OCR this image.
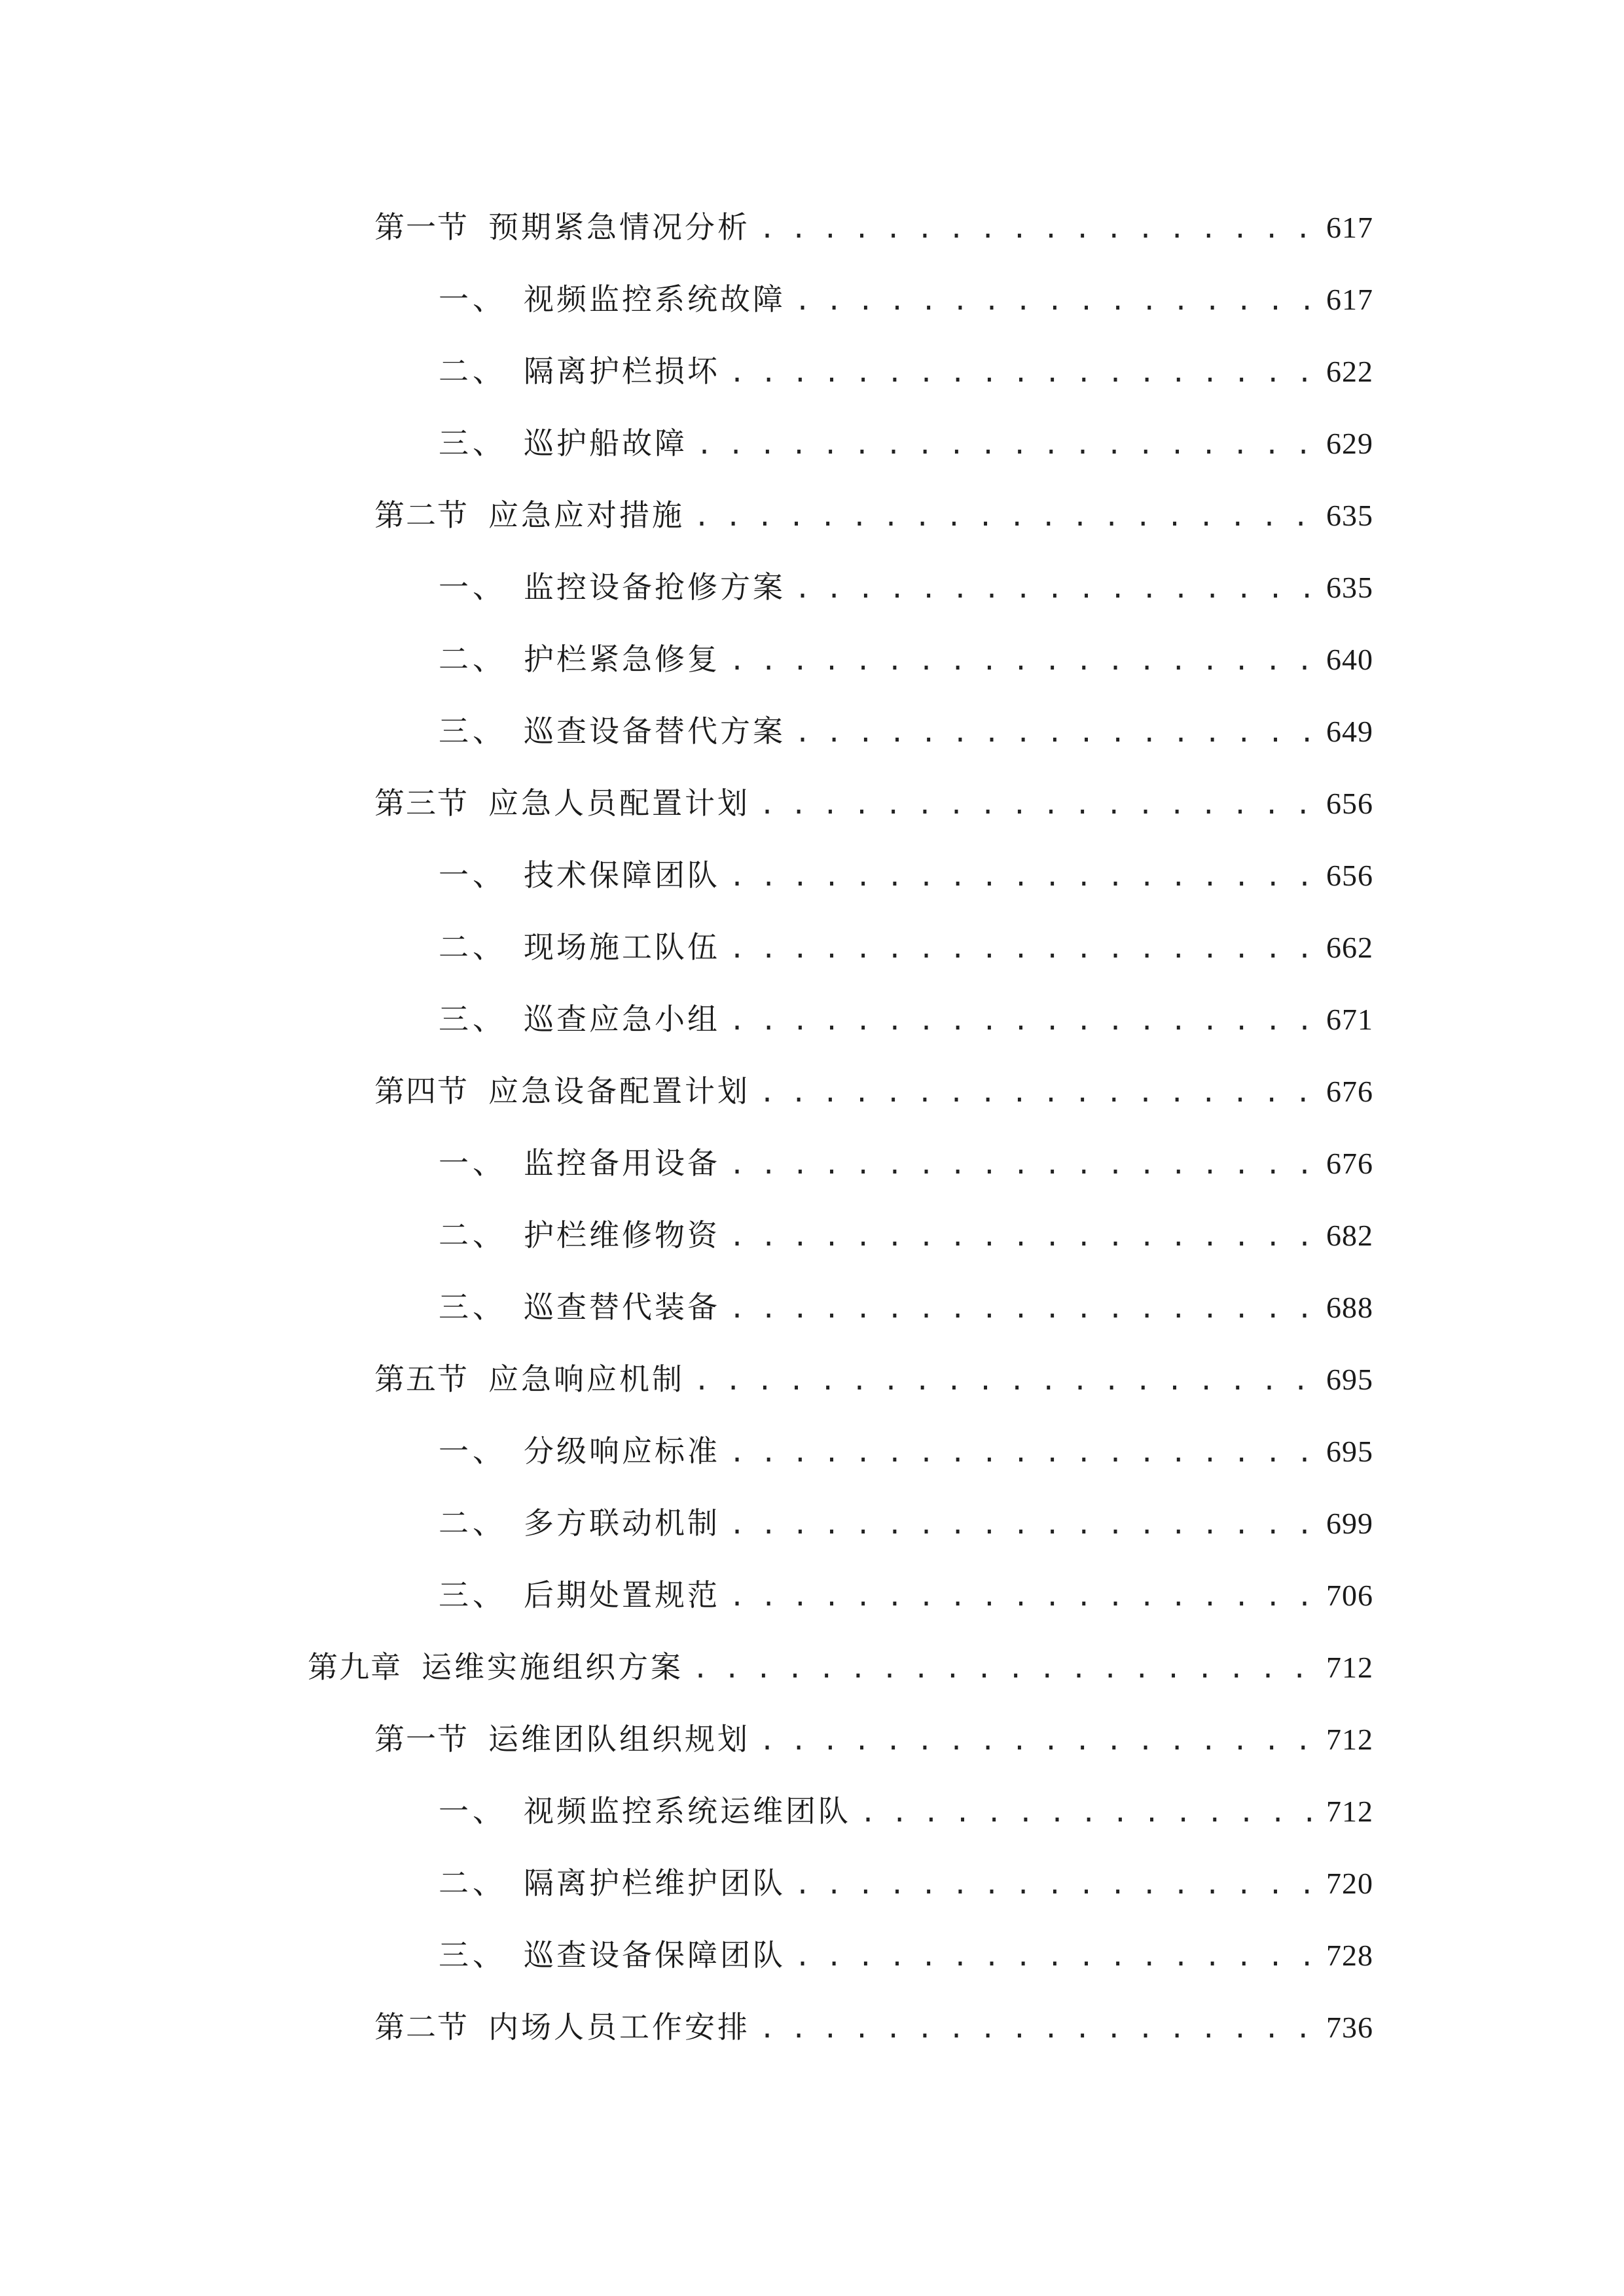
第一节 预期紧急情况分析 . . .	617
一、 视频监控系统故障 . . .	617
二、 隔离护栏损坏 . . .	622
三、 巡护船故障 . . .	629
第二节 应急应对措施 . . .	635
一、 监控设备抢修方案 . . .	635
二、 护栏紧急修复 . . .	640
三、 巡查设备替代方案 . . .	649
第三节 应急人员配置计划 . . .	656
一、 技术保障团队 . . .	656
二、 现场施工队伍 . . .	662
三、 巡查应急小组 . . .	671
第四节 应急设备配置计划 . . .	676
一、 监控备用设备 . . .	676
二、 护栏维修物资 . . .	682
三、 巡查替代装备 . . .	688
第五节 应急响应机制 . . .	695
一、 分级响应标准 . . .	695
二、 多方联动机制 . . .	699
三、 后期处置规范 . . .	706
第九章 运维实施组织方案 . . .	712
第一节 运维团队组织规划 . . .	712
一、 视频监控系统运维团队 . . .	712
二、 隔离护栏维护团队 . . .	720
三、 巡查设备保障团队 . . .	728
第二节 内场人员工作安排 . . .	736
